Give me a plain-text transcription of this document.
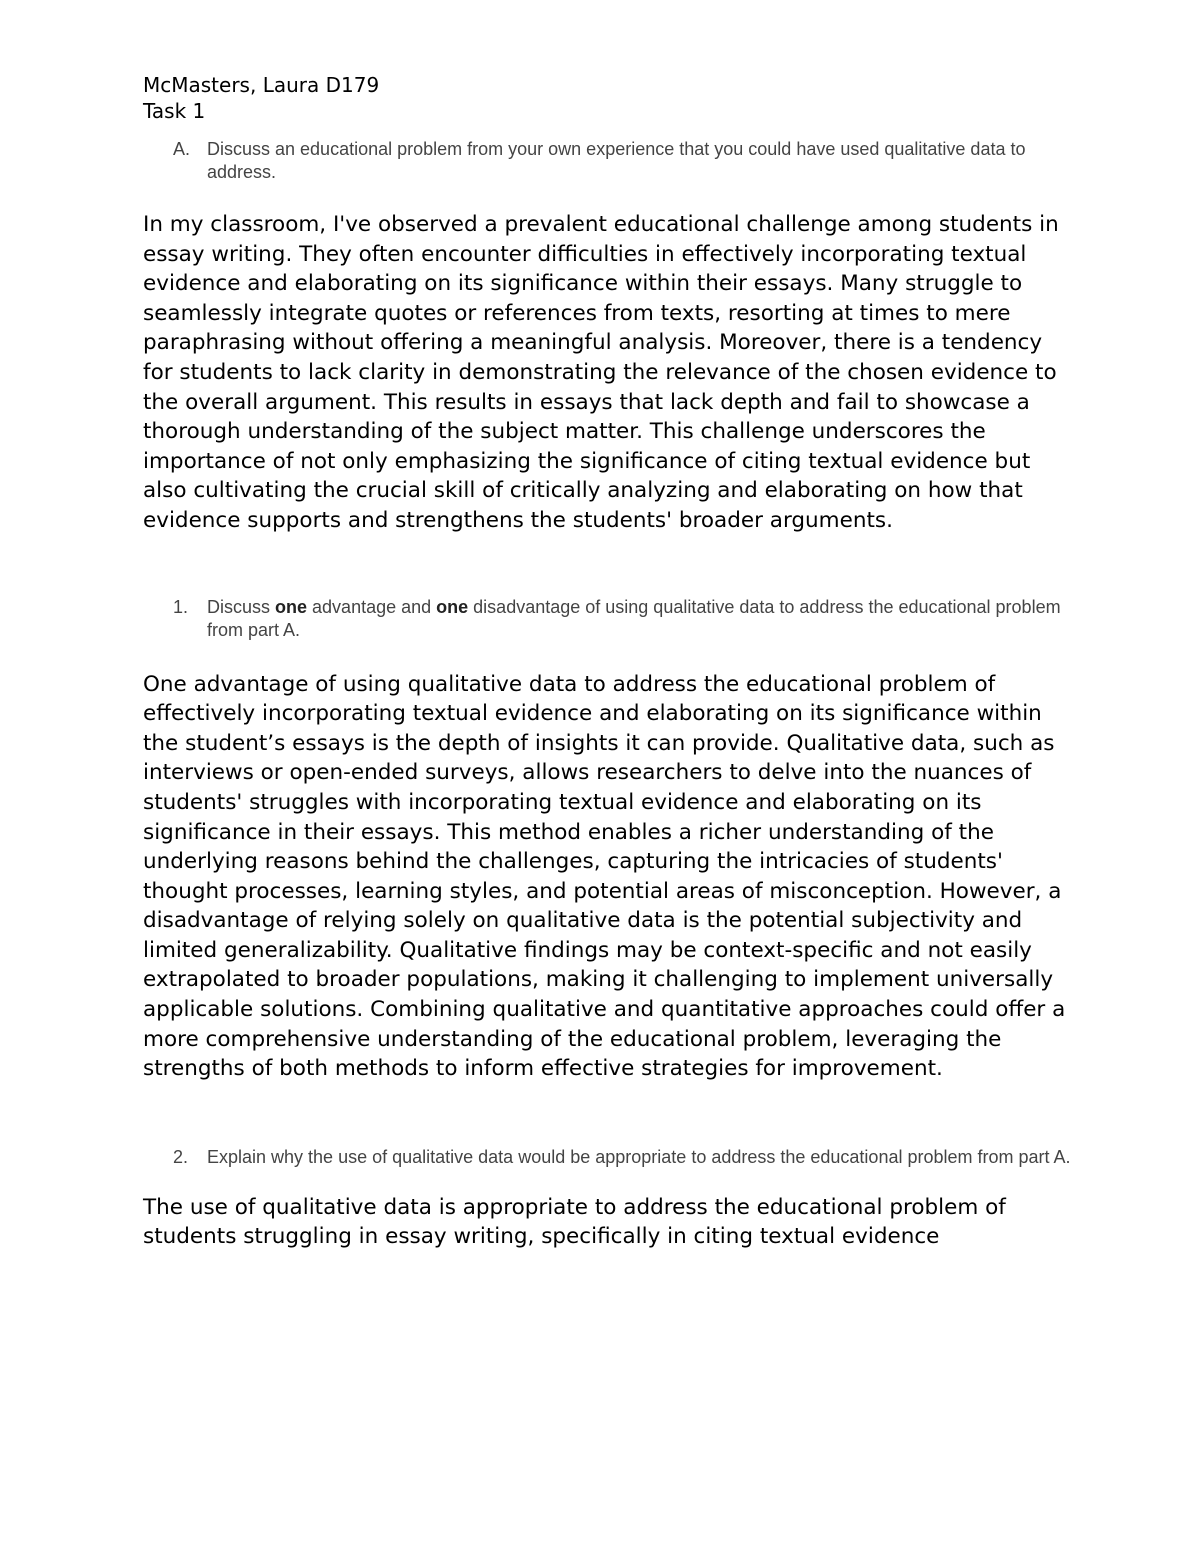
McMasters, Laura D179

Task 1

A. Discuss an educational problem from your own experience that you could have used qualitative data to address.

In my classroom, I've observed a prevalent educational challenge among students in essay writing. They often encounter difficulties in effectively incorporating textual evidence and elaborating on its significance within their essays. Many struggle to seamlessly integrate quotes or references from texts, resorting at times to mere paraphrasing without offering a meaningful analysis. Moreover, there is a tendency for students to lack clarity in demonstrating the relevance of the chosen evidence to the overall argument. This results in essays that lack depth and fail to showcase a thorough understanding of the subject matter. This challenge underscores the importance of not only emphasizing the significance of citing textual evidence but also cultivating the crucial skill of critically analyzing and elaborating on how that evidence supports and strengthens the students' broader arguments.

1. Discuss one advantage and one disadvantage of using qualitative data to address the educational problem from part A.

One advantage of using qualitative data to address the educational problem of effectively incorporating textual evidence and elaborating on its significance within the student’s essays is the depth of insights it can provide. Qualitative data, such as interviews or open-ended surveys, allows researchers to delve into the nuances of students' struggles with incorporating textual evidence and elaborating on its significance in their essays. This method enables a richer understanding of the underlying reasons behind the challenges, capturing the intricacies of students' thought processes, learning styles, and potential areas of misconception. However, a disadvantage of relying solely on qualitative data is the potential subjectivity and limited generalizability. Qualitative findings may be context-specific and not easily extrapolated to broader populations, making it challenging to implement universally applicable solutions. Combining qualitative and quantitative approaches could offer a more comprehensive understanding of the educational problem, leveraging the strengths of both methods to inform effective strategies for improvement.

2. Explain why the use of qualitative data would be appropriate to address the educational problem from part A.

The use of qualitative data is appropriate to address the educational problem of students struggling in essay writing, specifically in citing textual evidence
